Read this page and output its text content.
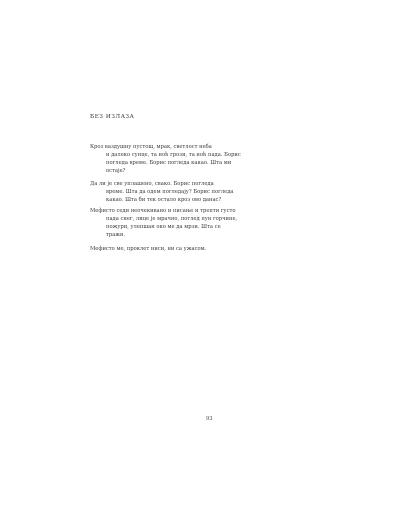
БЕЗ ИЗЛАЗА
Кроз ваздушну пустош, мрак, светлост неба
и далеко сунце, та ноћ грози, та ноћ пада. Борис
погледа време. Борис погледа какао. Шта ми
остаје?
Да ли је све уплашено, свако. Борис погледа
време. Шта да одем погледају? Борис погледа
какао. Шта би тек остало кроз ово данас?
Мефисто седи неочекивано и писање и трепти густо
пада снег, лице је мрачно, поглед пун горчине,
пожури, улепшан око ме да мрзи. Шта се
тражи.
Мефисто ме, проклет ниси, ни са ужасом.
93
